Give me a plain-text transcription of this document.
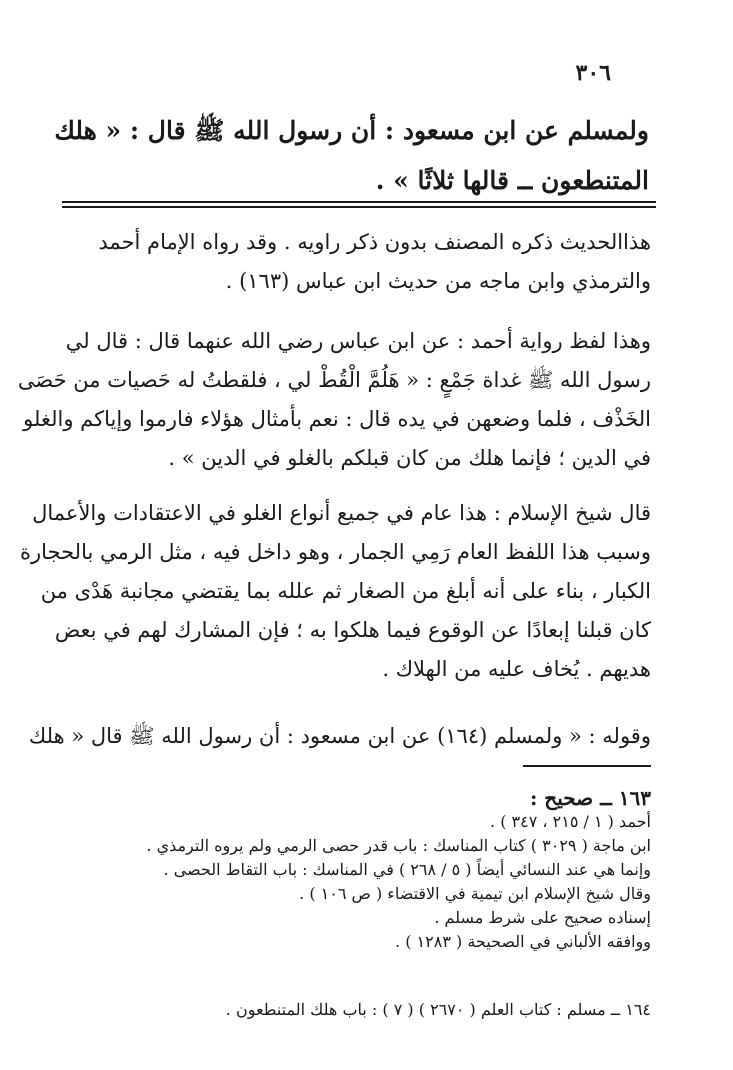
٣٠٦
ولمسلم عن ابن مسعود : أن رسول الله ﷺ قال : « هلك
المتنطعون ــ قالها ثلاثًا » .
هذاالحديث ذكره المصنف بدون ذكر راويه . وقد رواه الإمام أحمد
والترمذي وابن ماجه من حديث ابن عباس (١٦٣) .
وهذا لفظ رواية أحمد : عن ابن عباس رضي الله عنهما قال : قال لي
رسول الله ﷺ غداة جَمْعٍ : « هَلُمَّ الْقُطْ لي ، فلقطتُ له حَصيات من حَصَى
الخَذْف ، فلما وضعهن في يده قال : نعم بأمثال هؤلاء فارموا وإياكم والغلو
في الدين ؛ فإنما هلك من كان قبلكم بالغلو في الدين » .
قال شيخ الإسلام : هذا عام في جميع أنواع الغلو في الاعتقادات والأعمال
وسبب هذا اللفظ العام رَمِي الجمار ، وهو داخل فيه ، مثل الرمي بالحجارة
الكبار ، بناء على أنه أبلغ من الصغار ثم علله بما يقتضي مجانبة هَدْى من
كان قبلنا إبعادًا عن الوقوع فيما هلكوا به ؛ فإن المشارك لهم في بعض
هديهم . يُخاف عليه من الهلاك .
وقوله : « ولمسلم (١٦٤) عن ابن مسعود : أن رسول الله ﷺ قال « هلك
١٦٣ ــ صحيح :
أحمد ( ١ / ٢١٥ ، ٣٤٧ ) .
ابن ماجة ( ٣٠٢٩ ) كتاب المناسك : باب قدر حصى الرمي ولم يروه الترمذي .
وإنما هي عند النسائي أيضاً ( ٥ / ٢٦٨ ) في المناسك : باب التقاط الحصى .
وقال شيخ الإسلام ابن تيمية في الاقتضاء ( ص ١٠٦ ) .
إسناده صحيح على شرط مسلم .
ووافقه الألباني في الصحيحة ( ١٢٨٣ ) .
١٦٤ ــ مسلم : كتاب العلم ( ٢٦٧٠ ) ( ٧ ) : باب هلك المتنطعون .
